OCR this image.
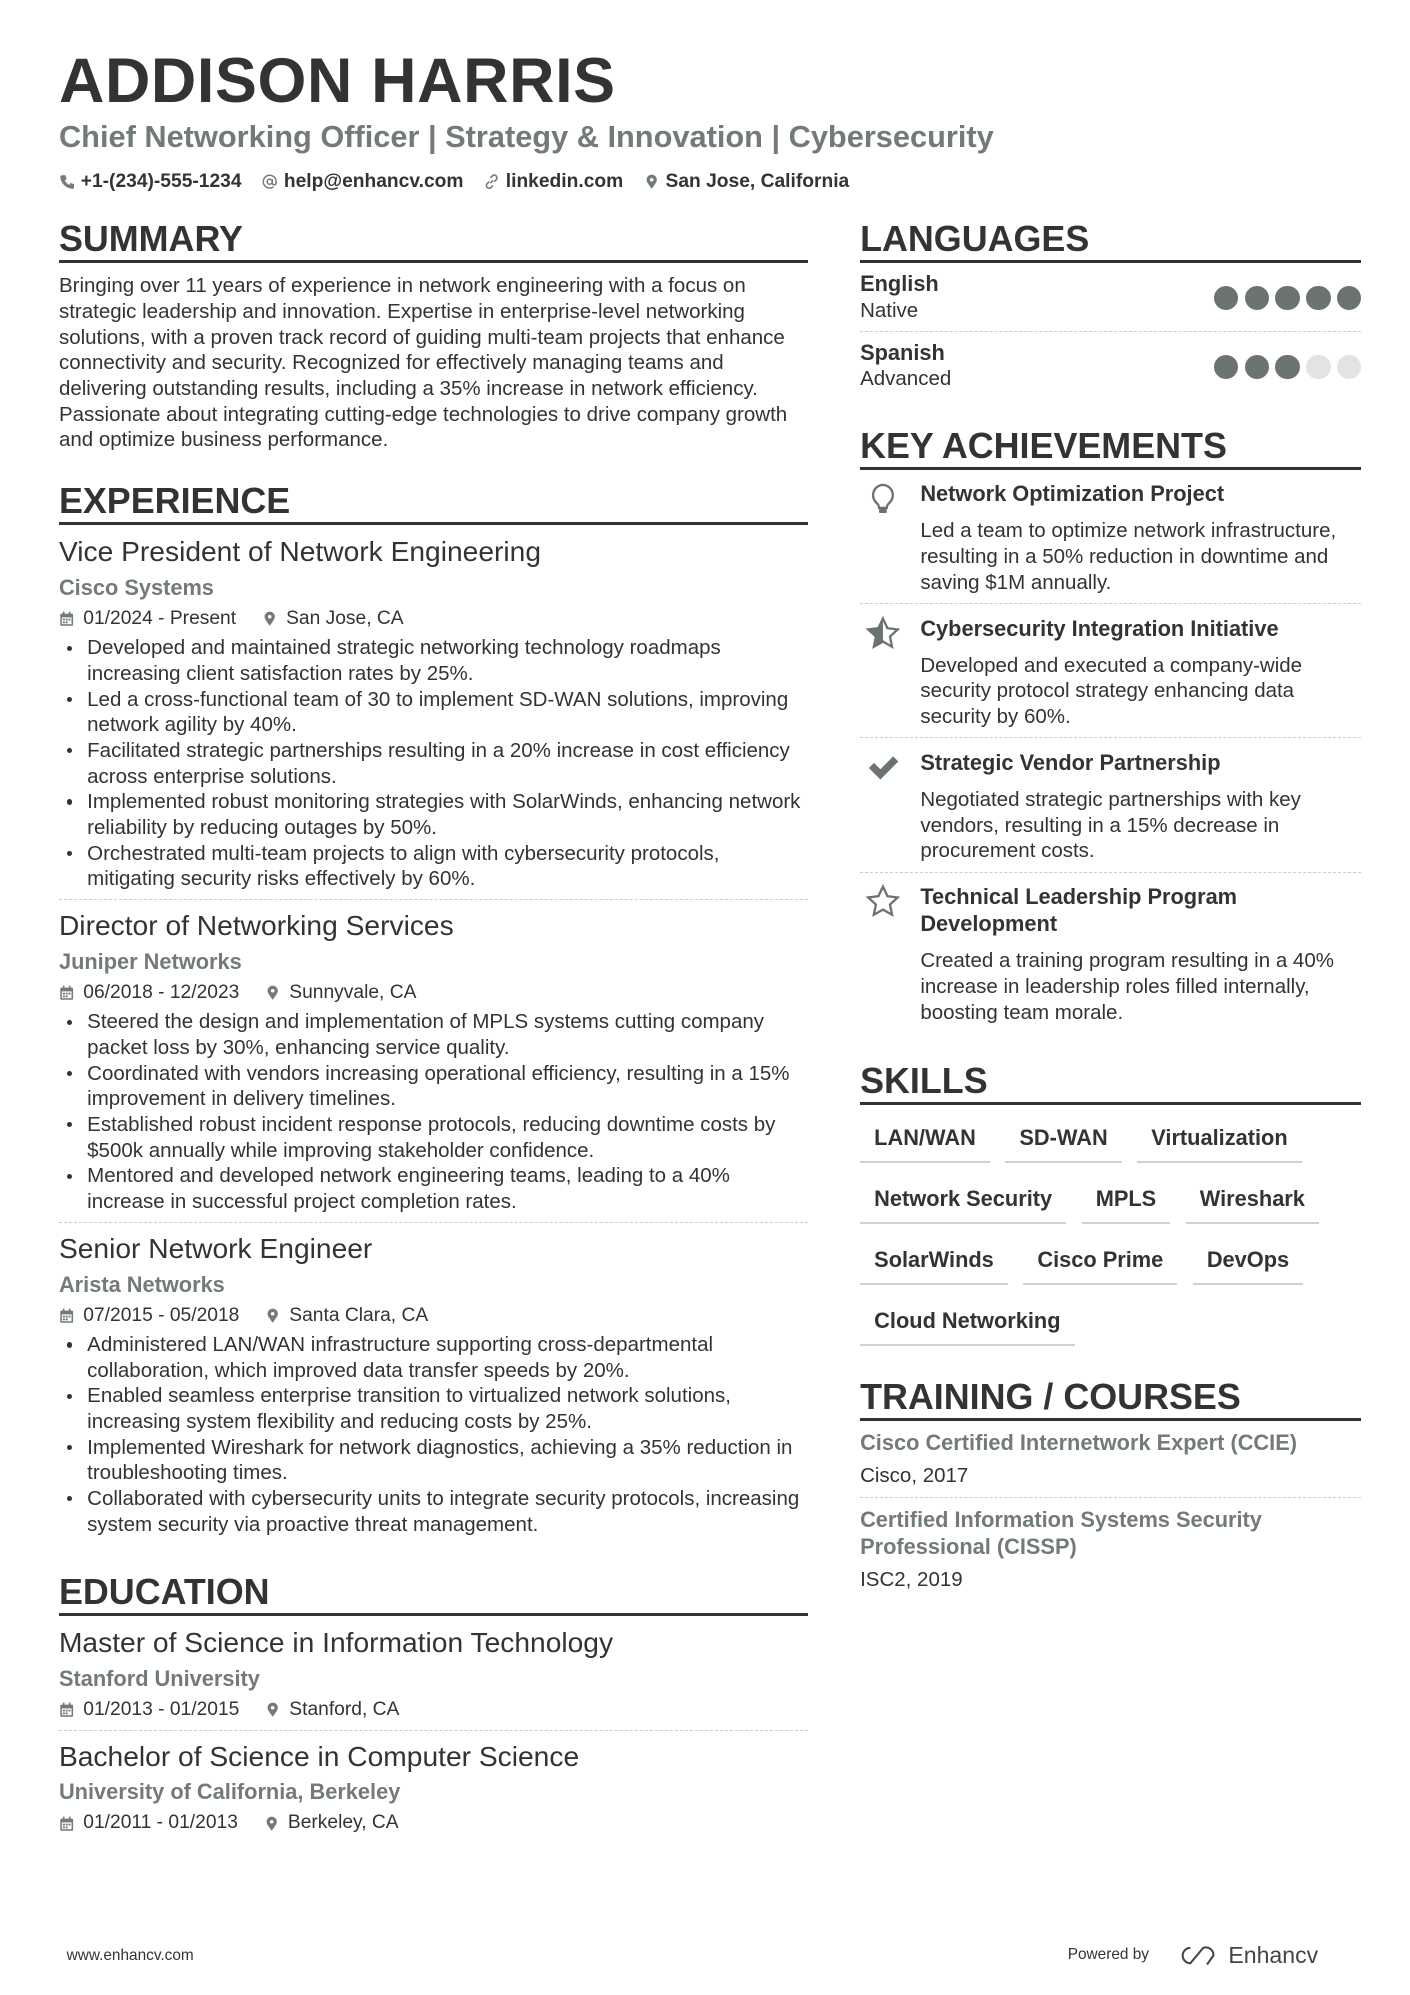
ADDISON HARRIS
Chief Networking Officer | Strategy & Innovation | Cybersecurity
+1-(234)-555-1234	help@enhancv.com	linkedin.com	San Jose, California
SUMMARY
Bringing over 11 years of experience in network engineering with a focus on strategic leadership and innovation. Expertise in enterprise-level networking solutions, with a proven track record of guiding multi-team projects that enhance connectivity and security. Recognized for effectively managing teams and delivering outstanding results, including a 35% increase in network efficiency. Passionate about integrating cutting-edge technologies to drive company growth and optimize business performance.
EXPERIENCE
Vice President of Network Engineering
Cisco Systems
01/2024 - Present	San Jose, CA
Developed and maintained strategic networking technology roadmaps increasing client satisfaction rates by 25%.
Led a cross-functional team of 30 to implement SD-WAN solutions, improving network agility by 40%.
Facilitated strategic partnerships resulting in a 20% increase in cost efficiency across enterprise solutions.
Implemented robust monitoring strategies with SolarWinds, enhancing network reliability by reducing outages by 50%.
Orchestrated multi-team projects to align with cybersecurity protocols, mitigating security risks effectively by 60%.
Director of Networking Services
Juniper Networks
06/2018 - 12/2023	Sunnyvale, CA
Steered the design and implementation of MPLS systems cutting company packet loss by 30%, enhancing service quality.
Coordinated with vendors increasing operational efficiency, resulting in a 15% improvement in delivery timelines.
Established robust incident response protocols, reducing downtime costs by $500k annually while improving stakeholder confidence.
Mentored and developed network engineering teams, leading to a 40% increase in successful project completion rates.
Senior Network Engineer
Arista Networks
07/2015 - 05/2018	Santa Clara, CA
Administered LAN/WAN infrastructure supporting cross-departmental collaboration, which improved data transfer speeds by 20%.
Enabled seamless enterprise transition to virtualized network solutions, increasing system flexibility and reducing costs by 25%.
Implemented Wireshark for network diagnostics, achieving a 35% reduction in troubleshooting times.
Collaborated with cybersecurity units to integrate security protocols, increasing system security via proactive threat management.
EDUCATION
Master of Science in Information Technology
Stanford University
01/2013 - 01/2015	Stanford, CA
Bachelor of Science in Computer Science
University of California, Berkeley
01/2011 - 01/2013	Berkeley, CA
LANGUAGES
English
Native
Spanish
Advanced
KEY ACHIEVEMENTS
Network Optimization Project
Led a team to optimize network infrastructure, resulting in a 50% reduction in downtime and saving $1M annually.
Cybersecurity Integration Initiative
Developed and executed a company-wide security protocol strategy enhancing data security by 60%.
Strategic Vendor Partnership
Negotiated strategic partnerships with key vendors, resulting in a 15% decrease in procurement costs.
Technical Leadership Program Development
Created a training program resulting in a 40% increase in leadership roles filled internally, boosting team morale.
SKILLS
LAN/WAN	SD-WAN	Virtualization
Network Security	MPLS	Wireshark
SolarWinds	Cisco Prime	DevOps
Cloud Networking
TRAINING / COURSES
Cisco Certified Internetwork Expert (CCIE)
Cisco, 2017
Certified Information Systems Security Professional (CISSP)
ISC2, 2019
www.enhancv.com	Powered by	Enhancv
